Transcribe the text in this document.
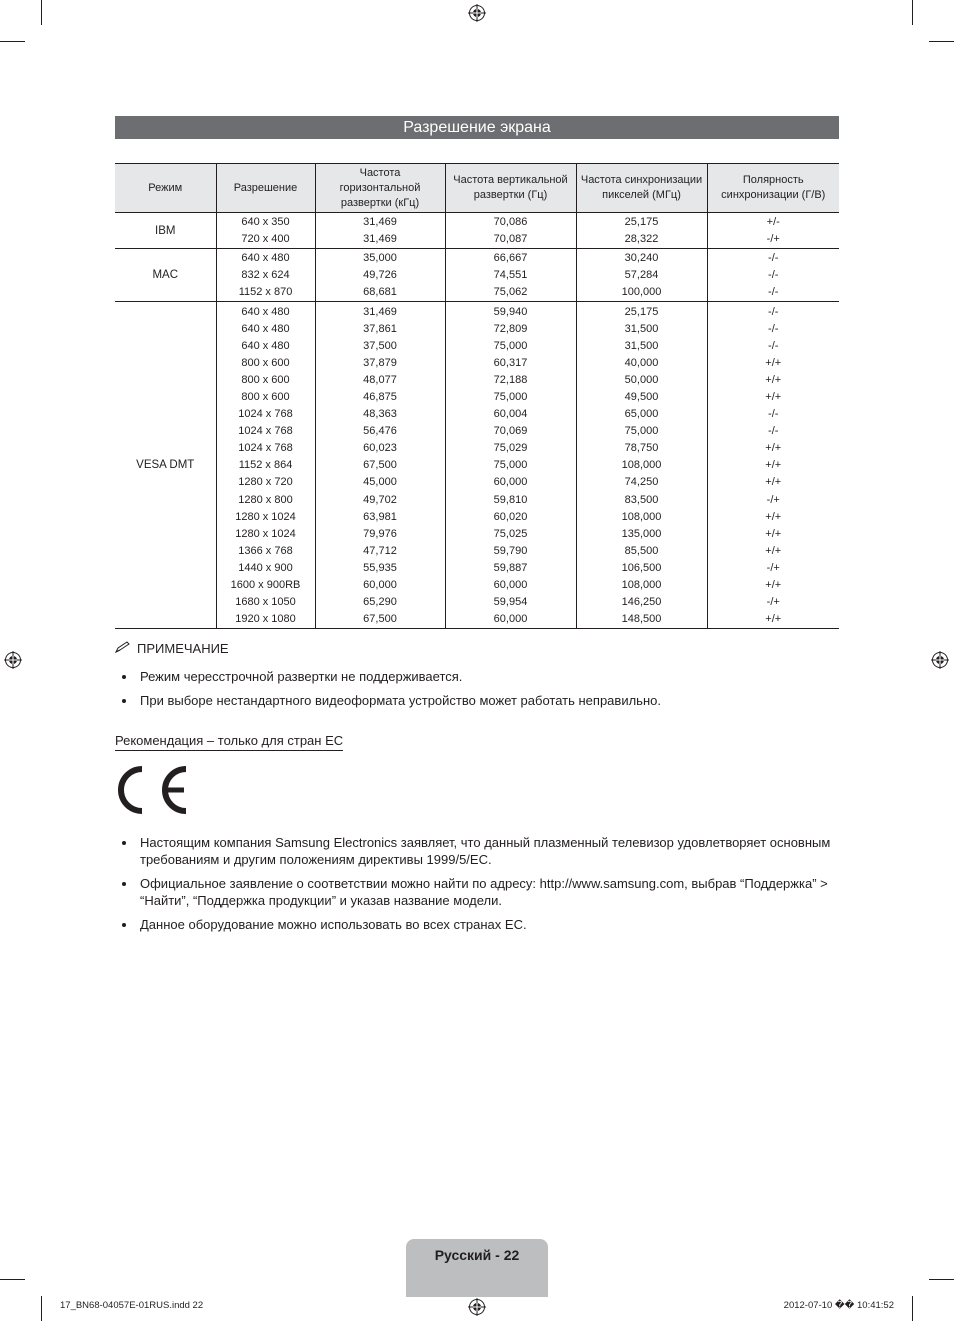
Разрешение экрана
Режим	Разрешение	Частота горизонтальной развертки (кГц)	Частота вертикальной развертки (Гц)	Частота синхронизации пикселей (МГц)	Полярность синхронизации (Г/В)
IBM	640 x 350	31,469	70,086	25,175	+/-
	720 x 400	31,469	70,087	28,322	-/+
MAC	640 x 480	35,000	66,667	30,240	-/-
	832 x 624	49,726	74,551	57,284	-/-
	1152 x 870	68,681	75,062	100,000	-/-
VESA DMT	640 x 480	31,469	59,940	25,175	-/-
	640 x 480	37,861	72,809	31,500	-/-
	640 x 480	37,500	75,000	31,500	-/-
	800 x 600	37,879	60,317	40,000	+/+
	800 x 600	48,077	72,188	50,000	+/+
	800 x 600	46,875	75,000	49,500	+/+
	1024 x 768	48,363	60,004	65,000	-/-
	1024 x 768	56,476	70,069	75,000	-/-
	1024 x 768	60,023	75,029	78,750	+/+
	1152 x 864	67,500	75,000	108,000	+/+
	1280 x 720	45,000	60,000	74,250	+/+
	1280 x 800	49,702	59,810	83,500	-/+
	1280 x 1024	63,981	60,020	108,000	+/+
	1280 x 1024	79,976	75,025	135,000	+/+
	1366 x 768	47,712	59,790	85,500	+/+
	1440 x 900	55,935	59,887	106,500	-/+
	1600 x 900RB	60,000	60,000	108,000	+/+
	1680 x 1050	65,290	59,954	146,250	-/+
	1920 x 1080	67,500	60,000	148,500	+/+
ПРИМЕЧАНИЕ
Режим чересстрочной развертки не поддерживается.
При выборе нестандартного видеоформата устройство может работать неправильно.
Рекомендация – только для стран ЕС
Настоящим компания Samsung Electronics заявляет, что данный плазменный телевизор удовлетворяет основным требованиям и другим положениям директивы 1999/5/EC.
Официальное заявление о соответствии можно найти по адресу: http://www.samsung.com, выбрав “Поддержка” > “Найти”, “Поддержка продукции” и указав название модели.
Данное оборудование можно использовать во всех странах ЕС.
Русский - 22
17_BN68-04057E-01RUS.indd 22	2012-07-10 �� 10:41:52
